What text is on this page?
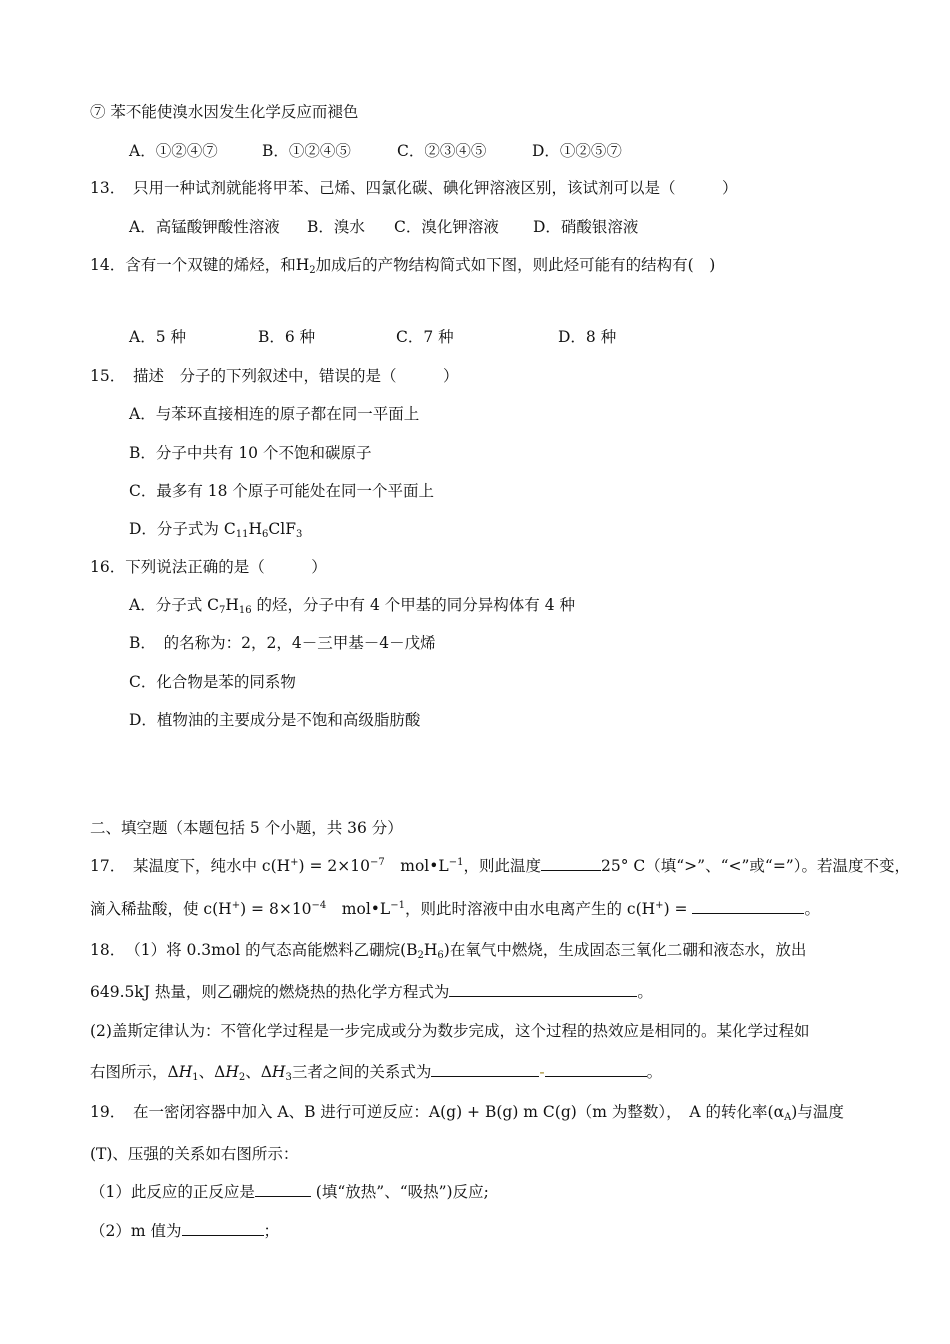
⑦ 苯不能使溴水因发生化学反应而褪色
A．①②④⑦	B．①②④⑤	C．②③④⑤	D．①②⑤⑦
13．　只用一种试剂就能将甲苯、己烯、四氯化碳、碘化钾溶液区别，该试剂可以是（　　　）
A．高锰酸钾酸性溶液 B．溴水 C．溴化钾溶液 D．硝酸银溶液
14．含有一个双键的烯烃，和$H_2$加成后的产物结构简式如下图，则此烃可能有的结构有(　)
A．5 种	B．6 种	C．7 种	D．8 种
15．　描述　分子的下列叙述中，错误的是（　　　）
A．与苯环直接相连的原子都在同一平面上
B．分子中共有 10 个不饱和碳原子
C．最多有 18 个原子可能处在同一个平面上
D．分子式为 $C_{11}H_6ClF_3$
16．下列说法正确的是（　　　）
A．分子式 $C_7H_{16}$ 的烃，分子中有 4 个甲基的同分异构体有 4 种
B．　的名称为：2，2，4－三甲基－4－戊烯
C．化合物是苯的同系物
D．植物油的主要成分是不饱和高级脂肪酸
二、填空题（本题包括 5 个小题，共 36 分）
17．　某温度下，纯水中 $c(H^+) = 2\times 10^{-7}$　$mol•L^{-1}$，则此温度	25° C（填“>”、“<”或“=”）。若温度不变，
滴入稀盐酸，使 $c(H^+) = 8\times 10^{-4}$　$mol•L^{-1}$，则此时溶液中由水电离产生的 c(H+) =	。
18．　（1）将 0.3mol 的气态高能燃料乙硼烷$(B_2H_6)$在氧气中燃烧，生成固态三氧化二硼和液态水，放出
649.5kJ 热量，则乙硼烷的燃烧热的热化学方程式为	。
(2)盖斯定律认为：不管化学过程是一步完成或分为数步完成，这个过程的热效应是相同的。某化学过程如
右图所示，$\Delta H_1$、$\Delta H_2$、$\Delta H_3$三者之间的关系式为	-	。
19．　在一密闭容器中加入 A、B 进行可逆反应：A(g) + B(g) m C(g)（m 为整数），　A 的转化率$(\alpha_A)$与温度
(T)、压强的关系如右图所示：
（1）此反应的正反应是	(填“放热”、“吸热”)反应;
（2）m 值为	；
